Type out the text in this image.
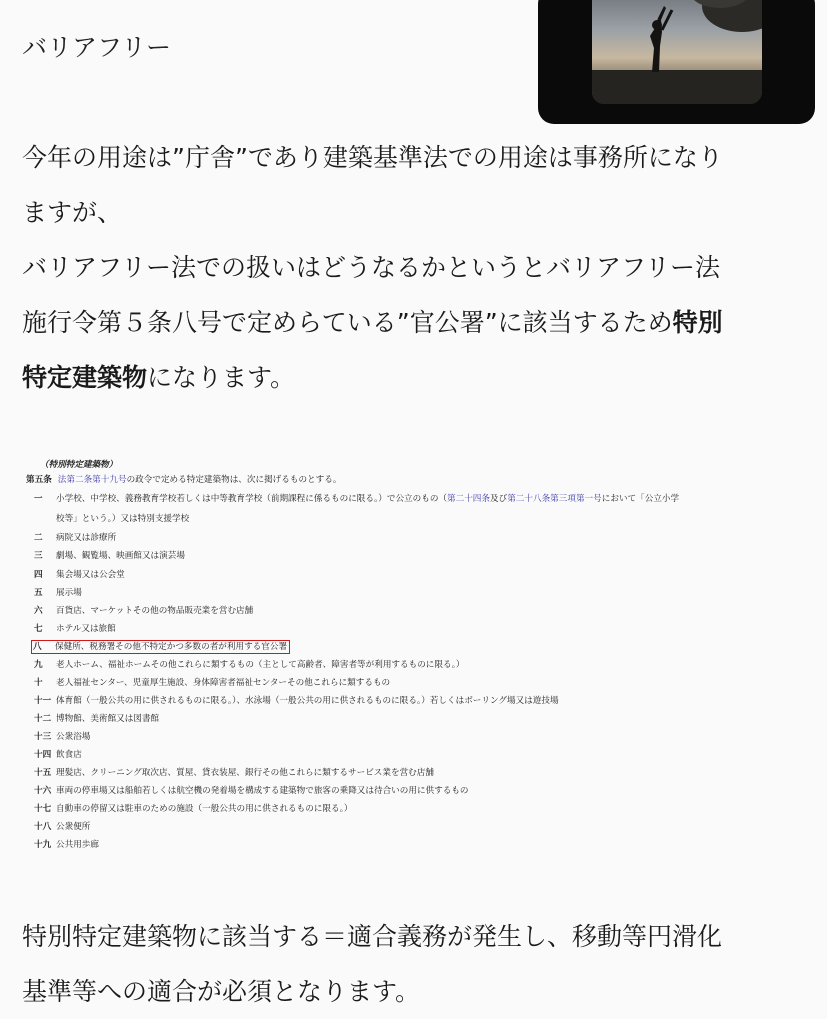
バリアフリー
今年の用途は”庁舎”であり建築基準法での用途は事務所になり
ますが、
バリアフリー法での扱いはどうなるかというとバリアフリー法
施行令第５条八号で定めらている”官公署”に該当するため特別
特定建築物になります。
（特別特定建築物）
第五条 法第二条第十九号の政令で定める特定建築物は、次に掲げるものとする。
一 小学校、中学校、義務教育学校若しくは中等教育学校（前期課程に係るものに限る。）で公立のもの（第二十四条及び第二十八条第三項第一号において「公立小学
校等」という。）又は特別支援学校
二 病院又は診療所
三 劇場、観覧場、映画館又は演芸場
四 集会場又は公会堂
五 展示場
六 百貨店、マーケットその他の物品販売業を営む店舗
七 ホテル又は旅館
八 保健所、税務署その他不特定かつ多数の者が利用する官公署
九 老人ホーム、福祉ホームその他これらに類するもの（主として高齢者、障害者等が利用するものに限る。）
十 老人福祉センター、児童厚生施設、身体障害者福祉センターその他これらに類するもの
十一 体育館（一般公共の用に供されるものに限る。）、水泳場（一般公共の用に供されるものに限る。）若しくはボーリング場又は遊技場
十二 博物館、美術館又は図書館
十三 公衆浴場
十四 飲食店
十五 理髪店、クリーニング取次店、質屋、貸衣装屋、銀行その他これらに類するサービス業を営む店舗
十六 車両の停車場又は船舶若しくは航空機の発着場を構成する建築物で旅客の乗降又は待合いの用に供するもの
十七 自動車の停留又は駐車のための施設（一般公共の用に供されるものに限る。）
十八 公衆便所
十九 公共用歩廊
特別特定建築物に該当する＝適合義務が発生し、移動等円滑化
基準等への適合が必須となります。
